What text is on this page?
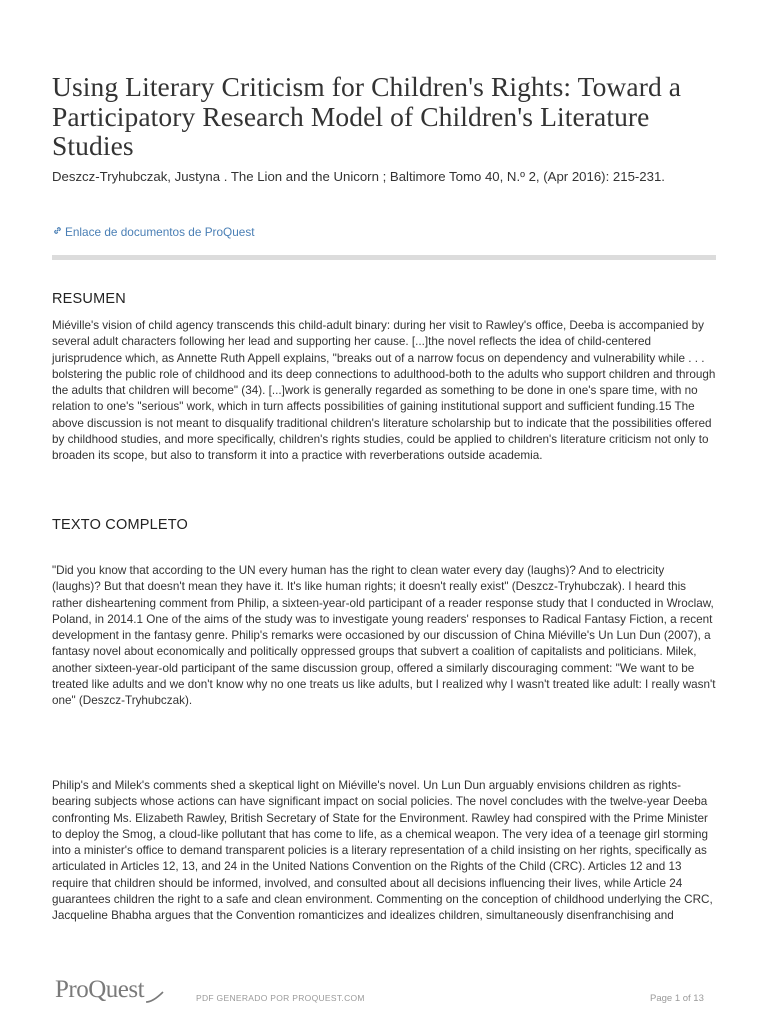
Using Literary Criticism for Children's Rights: Toward a Participatory Research Model of Children's Literature Studies

Deszcz-Tryhubczak, Justyna . The Lion and the Unicorn ; Baltimore Tomo 40, N.º 2, (Apr 2016): 215-231.

Enlace de documentos de ProQuest
RESUMEN

Miéville's vision of child agency transcends this child-adult binary: during her visit to Rawley's office, Deeba is accompanied by several adult characters following her lead and supporting her cause. [...]the novel reflects the idea of child-centered jurisprudence which, as Annette Ruth Appell explains, "breaks out of a narrow focus on dependency and vulnerability while . . . bolstering the public role of childhood and its deep connections to adulthood-both to the adults who support children and through the adults that children will become" (34). [...]work is generally regarded as something to be done in one's spare time, with no relation to one's "serious" work, which in turn affects possibilities of gaining institutional support and sufficient funding.15 The above discussion is not meant to disqualify traditional children's literature scholarship but to indicate that the possibilities offered by childhood studies, and more specifically, children's rights studies, could be applied to children's literature criticism not only to broaden its scope, but also to transform it into a practice with reverberations outside academia.

TEXTO COMPLETO

"Did you know that according to the UN every human has the right to clean water every day (laughs)? And to electricity (laughs)? But that doesn't mean they have it. It's like human rights; it doesn't really exist" (Deszcz-Tryhubczak). I heard this rather disheartening comment from Philip, a sixteen-year-old participant of a reader response study that I conducted in Wroclaw, Poland, in 2014.1 One of the aims of the study was to investigate young readers' responses to Radical Fantasy Fiction, a recent development in the fantasy genre. Philip's remarks were occasioned by our discussion of China Miéville's Un Lun Dun (2007), a fantasy novel about economically and politically oppressed groups that subvert a coalition of capitalists and politicians. Milek, another sixteen-year-old participant of the same discussion group, offered a similarly discouraging comment: "We want to be treated like adults and we don't know why no one treats us like adults, but I realized why I wasn't treated like adult: I really wasn't one" (Deszcz-Tryhubczak).

Philip's and Milek's comments shed a skeptical light on Miéville's novel. Un Lun Dun arguably envisions children as rights-bearing subjects whose actions can have significant impact on social policies. The novel concludes with the twelve-year Deeba confronting Ms. Elizabeth Rawley, British Secretary of State for the Environment. Rawley had conspired with the Prime Minister to deploy the Smog, a cloud-like pollutant that has come to life, as a chemical weapon. The very idea of a teenage girl storming into a minister's office to demand transparent policies is a literary representation of a child insisting on her rights, specifically as articulated in Articles 12, 13, and 24 in the United Nations Convention on the Rights of the Child (CRC). Articles 12 and 13 require that children should be informed, involved, and consulted about all decisions influencing their lives, while Article 24 guarantees children the right to a safe and clean environment. Commenting on the conception of childhood underlying the CRC, Jacqueline Bhabha argues that the Convention romanticizes and idealizes children, simultaneously disenfranchising and

ProQuest	PDF GENERADO POR PROQUEST.COM	Page 1 of 13
